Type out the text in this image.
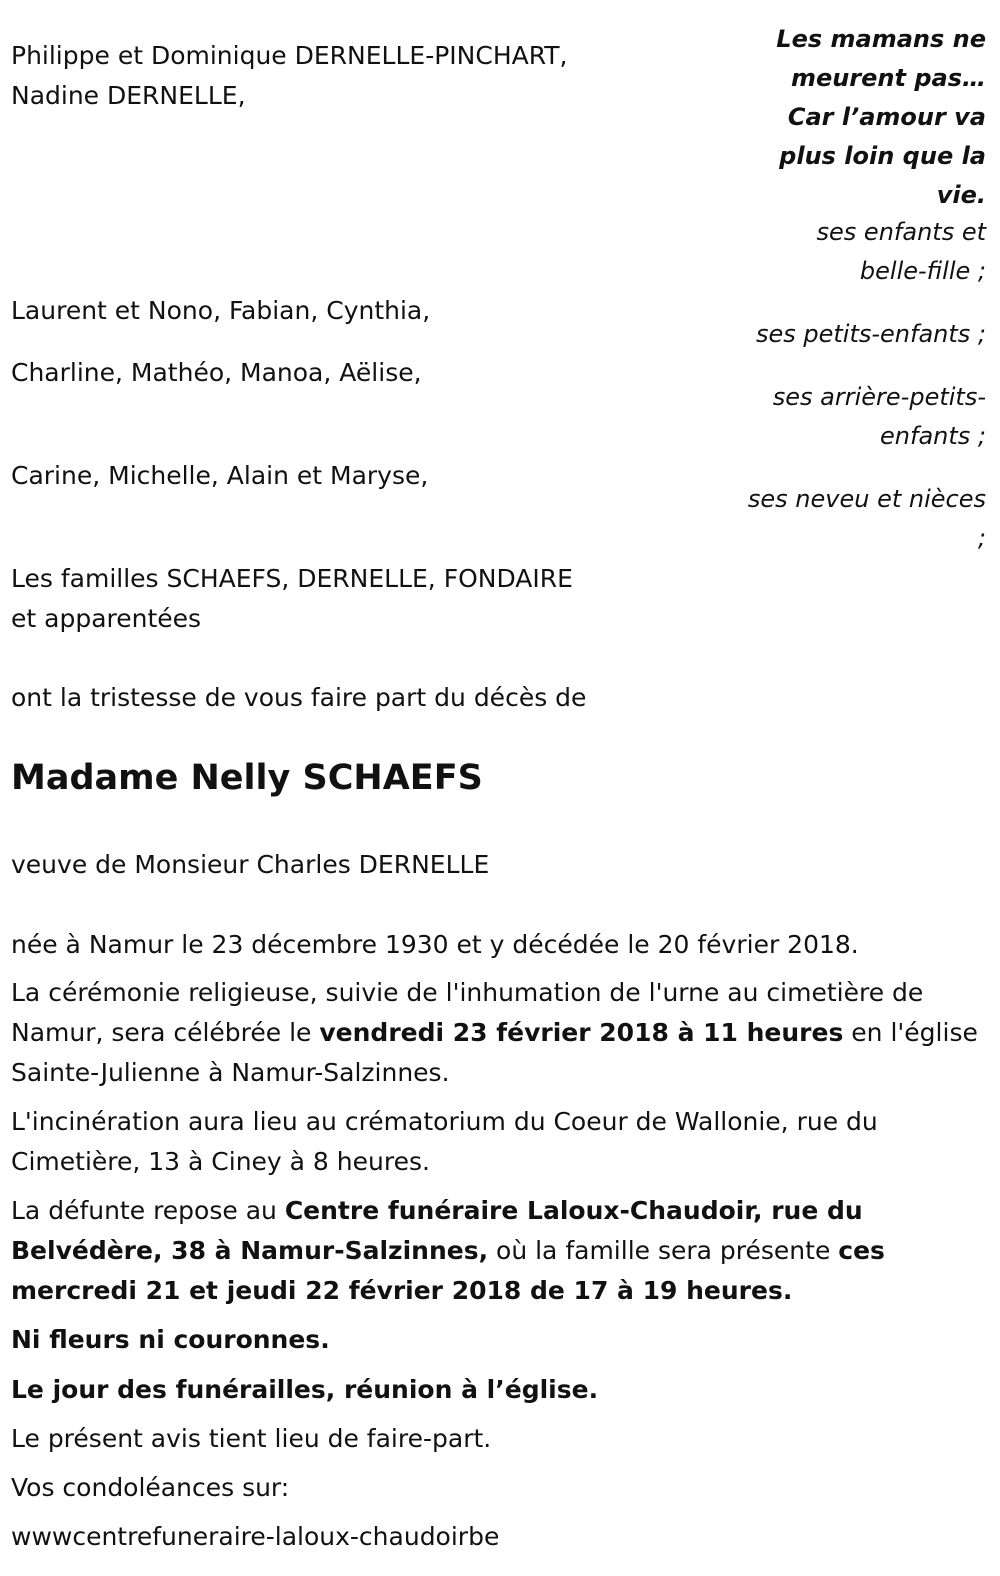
Philippe et Dominique DERNELLE-PINCHART,
Nadine DERNELLE,
Les mamans ne
meurent pas…
Car l’amour va
plus loin que la
vie.
ses enfants et
belle-fille ;
Laurent et Nono, Fabian, Cynthia,
ses petits-enfants ;
Charline, Mathéo, Manoa, Aëlise,
ses arrière-petits-
enfants ;
Carine, Michelle, Alain et Maryse,
ses neveu et nièces
;
Les familles SCHAEFS, DERNELLE, FONDAIRE
et apparentées
ont la tristesse de vous faire part du décès de
Madame Nelly SCHAEFS
veuve de Monsieur Charles DERNELLE
née à Namur le 23 décembre 1930 et y décédée le 20 février 2018.

La cérémonie religieuse, suivie de l'inhumation de l'urne au cimetière de Namur, sera célébrée le vendredi 23 février 2018 à 11 heures en l'église Sainte-Julienne à Namur-Salzinnes.

L'incinération aura lieu au crématorium du Coeur de Wallonie, rue du Cimetière, 13 à Ciney à 8 heures.

La défunte repose au Centre funéraire Laloux-Chaudoir, rue du Belvédère, 38 à Namur-Salzinnes, où la famille sera présente ces mercredi 21 et jeudi 22 février 2018 de 17 à 19 heures.

Ni fleurs ni couronnes.
Le jour des funérailles, réunion à l’église.
Le présent avis tient lieu de faire-part.
Vos condoléances sur:
wwwcentrefuneraire-laloux-chaudoirbe
